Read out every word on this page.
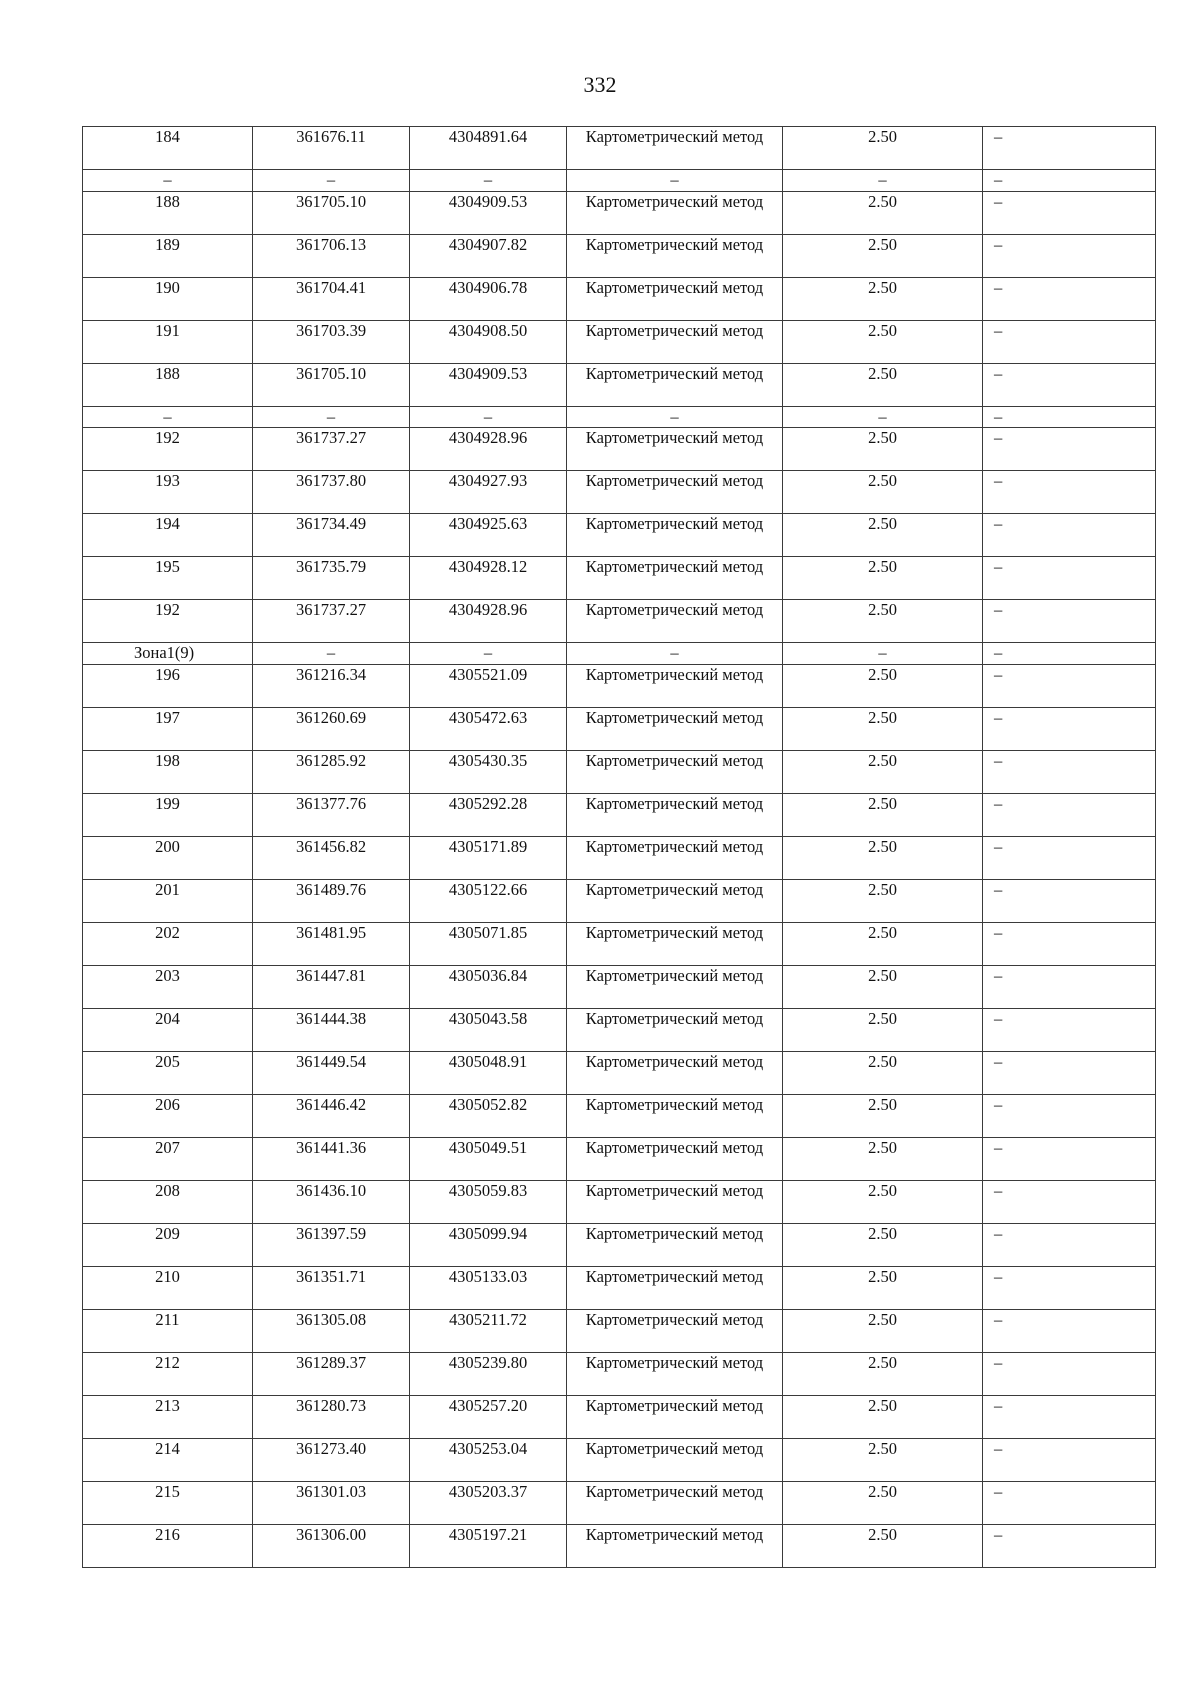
332
184	361676.11	4304891.64	Картометрический метод	2.50	–
–	–	–	–	–	–
188	361705.10	4304909.53	Картометрический метод	2.50	–
189	361706.13	4304907.82	Картометрический метод	2.50	–
190	361704.41	4304906.78	Картометрический метод	2.50	–
191	361703.39	4304908.50	Картометрический метод	2.50	–
188	361705.10	4304909.53	Картометрический метод	2.50	–
–	–	–	–	–	–
192	361737.27	4304928.96	Картометрический метод	2.50	–
193	361737.80	4304927.93	Картометрический метод	2.50	–
194	361734.49	4304925.63	Картометрический метод	2.50	–
195	361735.79	4304928.12	Картометрический метод	2.50	–
192	361737.27	4304928.96	Картометрический метод	2.50	–
Зона1(9)	–	–	–	–	–
196	361216.34	4305521.09	Картометрический метод	2.50	–
197	361260.69	4305472.63	Картометрический метод	2.50	–
198	361285.92	4305430.35	Картометрический метод	2.50	–
199	361377.76	4305292.28	Картометрический метод	2.50	–
200	361456.82	4305171.89	Картометрический метод	2.50	–
201	361489.76	4305122.66	Картометрический метод	2.50	–
202	361481.95	4305071.85	Картометрический метод	2.50	–
203	361447.81	4305036.84	Картометрический метод	2.50	–
204	361444.38	4305043.58	Картометрический метод	2.50	–
205	361449.54	4305048.91	Картометрический метод	2.50	–
206	361446.42	4305052.82	Картометрический метод	2.50	–
207	361441.36	4305049.51	Картометрический метод	2.50	–
208	361436.10	4305059.83	Картометрический метод	2.50	–
209	361397.59	4305099.94	Картометрический метод	2.50	–
210	361351.71	4305133.03	Картометрический метод	2.50	–
211	361305.08	4305211.72	Картометрический метод	2.50	–
212	361289.37	4305239.80	Картометрический метод	2.50	–
213	361280.73	4305257.20	Картометрический метод	2.50	–
214	361273.40	4305253.04	Картометрический метод	2.50	–
215	361301.03	4305203.37	Картометрический метод	2.50	–
216	361306.00	4305197.21	Картометрический метод	2.50	–
